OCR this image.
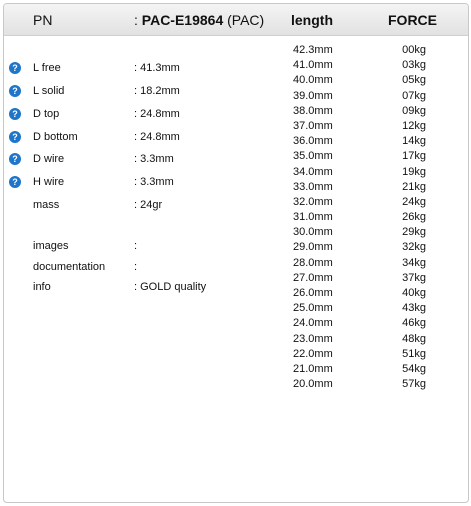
PN	: PAC-E19864 (PAC) length	FORCE
? L free	: 41.3mm
? L solid	: 18.2mm
? D top	: 24.8mm
? D bottom	: 24.8mm
? D wire	: 3.3mm
? H wire	: 3.3mm
mass	: 24gr
images	:
documentation	:
info	: GOLD quality
42.3mm	00kg
41.0mm	03kg
40.0mm	05kg
39.0mm	07kg
38.0mm	09kg
37.0mm	12kg
36.0mm	14kg
35.0mm	17kg
34.0mm	19kg
33.0mm	21kg
32.0mm	24kg
31.0mm	26kg
30.0mm	29kg
29.0mm	32kg
28.0mm	34kg
27.0mm	37kg
26.0mm	40kg
25.0mm	43kg
24.0mm	46kg
23.0mm	48kg
22.0mm	51kg
21.0mm	54kg
20.0mm	57kg
